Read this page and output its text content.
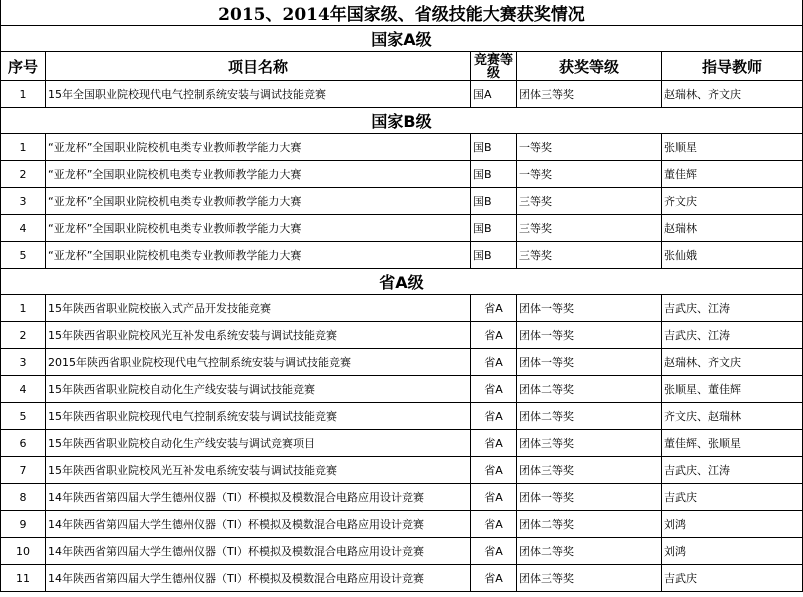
2015、2014年国家级、省级技能大赛获奖情况				
国家A级				
序号	项目名称	竞赛等级	获奖等级	指导教师
1	15年全国职业院校现代电气控制系统安装与调试技能竞赛	国A	团体三等奖	赵瑞林、齐文庆
国家B级				
1	“亚龙杯”全国职业院校机电类专业教师教学能力大赛	国B	一等奖	张顺星
2	“亚龙杯”全国职业院校机电类专业教师教学能力大赛	国B	一等奖	董佳辉
3	“亚龙杯”全国职业院校机电类专业教师教学能力大赛	国B	三等奖	齐文庆
4	“亚龙杯”全国职业院校机电类专业教师教学能力大赛	国B	三等奖	赵瑞林
5	“亚龙杯”全国职业院校机电类专业教师教学能力大赛	国B	三等奖	张仙娥
省A级				
1	15年陕西省职业院校嵌入式产品开发技能竞赛	省A	团体一等奖	吉武庆、江涛
2	15年陕西省职业院校风光互补发电系统安装与调试技能竞赛	省A	团体一等奖	吉武庆、江涛
3	2015年陕西省职业院校现代电气控制系统安装与调试技能竞赛	省A	团体一等奖	赵瑞林、齐文庆
4	15年陕西省职业院校自动化生产线安装与调试技能竞赛	省A	团体二等奖	张顺星、董佳辉
5	15年陕西省职业院校现代电气控制系统安装与调试技能竞赛	省A	团体二等奖	齐文庆、赵瑞林
6	15年陕西省职业院校自动化生产线安装与调试竞赛项目	省A	团体三等奖	董佳辉、张顺星
7	15年陕西省职业院校风光互补发电系统安装与调试技能竞赛	省A	团体三等奖	吉武庆、江涛
8	14年陕西省第四届大学生德州仪器（TI）杯模拟及模数混合电路应用设计竞赛	省A	团体一等奖	吉武庆
9	14年陕西省第四届大学生德州仪器（TI）杯模拟及模数混合电路应用设计竞赛	省A	团体二等奖	刘鸿
10	14年陕西省第四届大学生德州仪器（TI）杯模拟及模数混合电路应用设计竞赛	省A	团体二等奖	刘鸿
11	14年陕西省第四届大学生德州仪器（TI）杯模拟及模数混合电路应用设计竞赛	省A	团体三等奖	吉武庆
